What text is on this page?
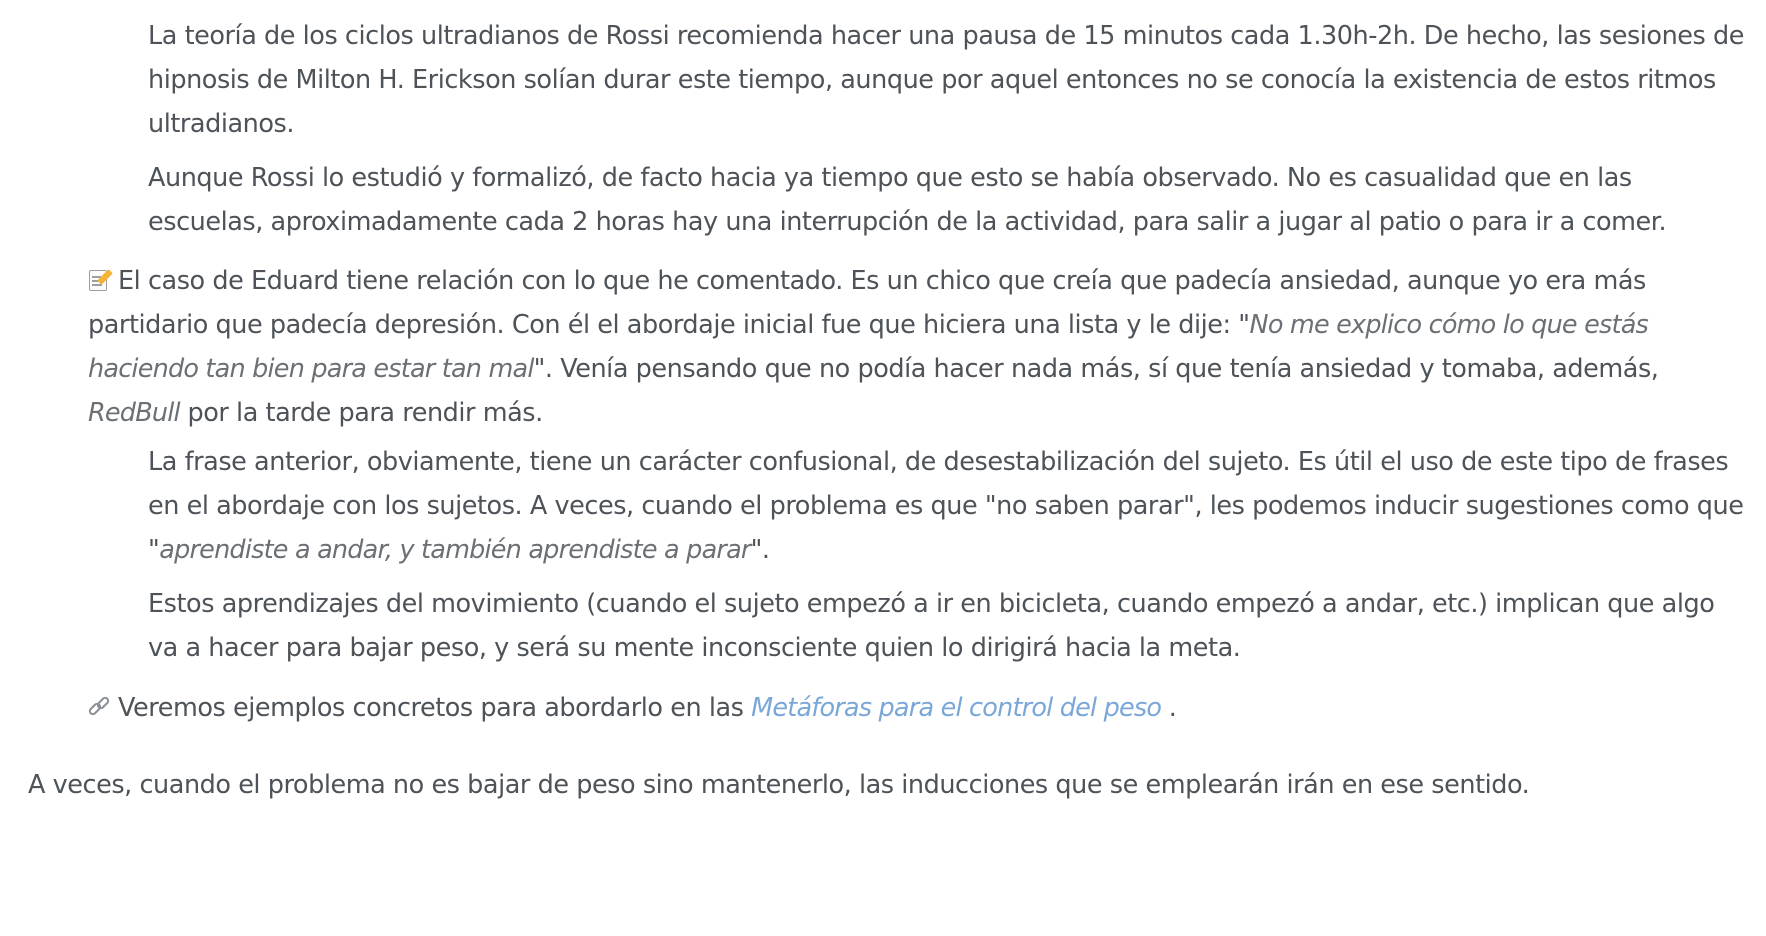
La teoría de los ciclos ultradianos de Rossi recomienda hacer una pausa de 15 minutos cada 1.30h-2h. De hecho, las sesiones de hipnosis de Milton H. Erickson solían durar este tiempo, aunque por aquel entonces no se conocía la existencia de estos ritmos ultradianos.

Aunque Rossi lo estudió y formalizó, de facto hacia ya tiempo que esto se había observado. No es casualidad que en las escuelas, aproximadamente cada 2 horas hay una interrupción de la actividad, para salir a jugar al patio o para ir a comer.

El caso de Eduard tiene relación con lo que he comentado. Es un chico que creía que padecía ansiedad, aunque yo era más partidario que padecía depresión. Con él el abordaje inicial fue que hiciera una lista y le dije: "No me explico cómo lo que estás haciendo tan bien para estar tan mal". Venía pensando que no podía hacer nada más, sí que tenía ansiedad y tomaba, además, RedBull por la tarde para rendir más.

La frase anterior, obviamente, tiene un carácter confusional, de desestabilización del sujeto. Es útil el uso de este tipo de frases en el abordaje con los sujetos. A veces, cuando el problema es que "no saben parar", les podemos inducir sugestiones como que "aprendiste a andar, y también aprendiste a parar".

Estos aprendizajes del movimiento (cuando el sujeto empezó a ir en bicicleta, cuando empezó a andar, etc.) implican que algo va a hacer para bajar peso, y será su mente inconsciente quien lo dirigirá hacia la meta.

Veremos ejemplos concretos para abordarlo en las Metáforas para el control del peso .

A veces, cuando el problema no es bajar de peso sino mantenerlo, las inducciones que se emplearán irán en ese sentido.
